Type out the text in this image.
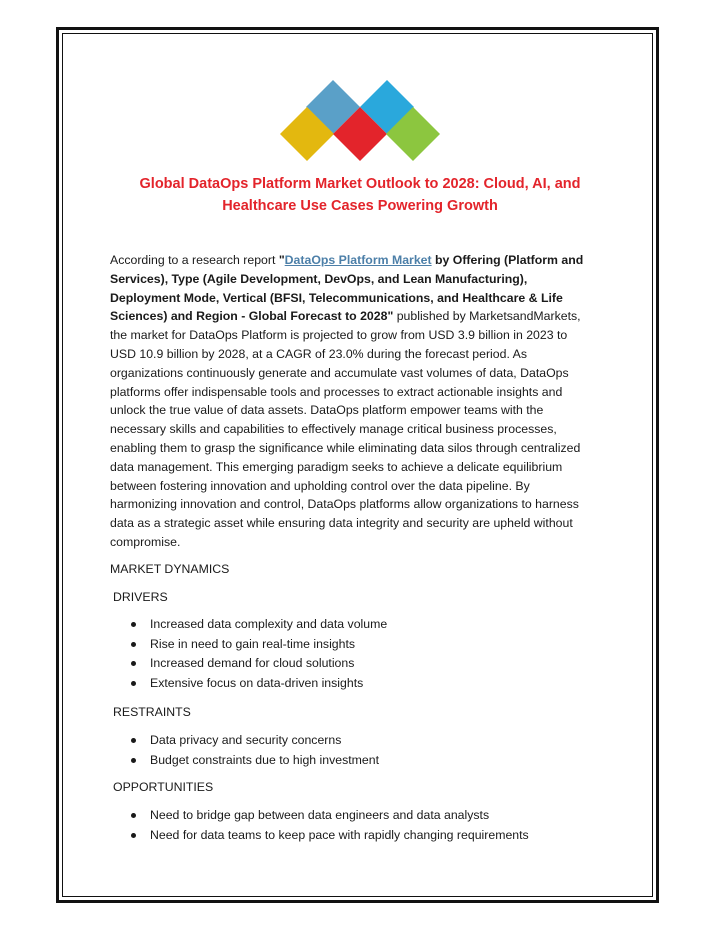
Global DataOps Platform Market Outlook to 2028: Cloud, AI, and
Healthcare Use Cases Powering Growth

According to a research report "DataOps Platform Market by Offering (Platform and

Services), Type (Agile Development, DevOps, and Lean Manufacturing),

Deployment Mode, Vertical (BFSI, Telecommunications, and Healthcare & Life

Sciences) and Region - Global Forecast to 2028" published by MarketsandMarkets,

the market for DataOps Platform is projected to grow from USD 3.9 billion in 2023 to

USD 10.9 billion by 2028, at a CAGR of 23.0% during the forecast period. As

organizations continuously generate and accumulate vast volumes of data, DataOps

platforms offer indispensable tools and processes to extract actionable insights and

unlock the true value of data assets. DataOps platform empower teams with the

necessary skills and capabilities to effectively manage critical business processes,

enabling them to grasp the significance while eliminating data silos through centralized

data management. This emerging paradigm seeks to achieve a delicate equilibrium

between fostering innovation and upholding control over the data pipeline. By

harmonizing innovation and control, DataOps platforms allow organizations to harness

data as a strategic asset while ensuring data integrity and security are upheld without

compromise.

MARKET DYNAMICS

DRIVERS

Increased data complexity and data volume
Rise in need to gain real-time insights
Increased demand for cloud solutions
Extensive focus on data-driven insights

RESTRAINTS

Data privacy and security concerns
Budget constraints due to high investment

OPPORTUNITIES

Need to bridge gap between data engineers and data analysts
Need for data teams to keep pace with rapidly changing requirements
